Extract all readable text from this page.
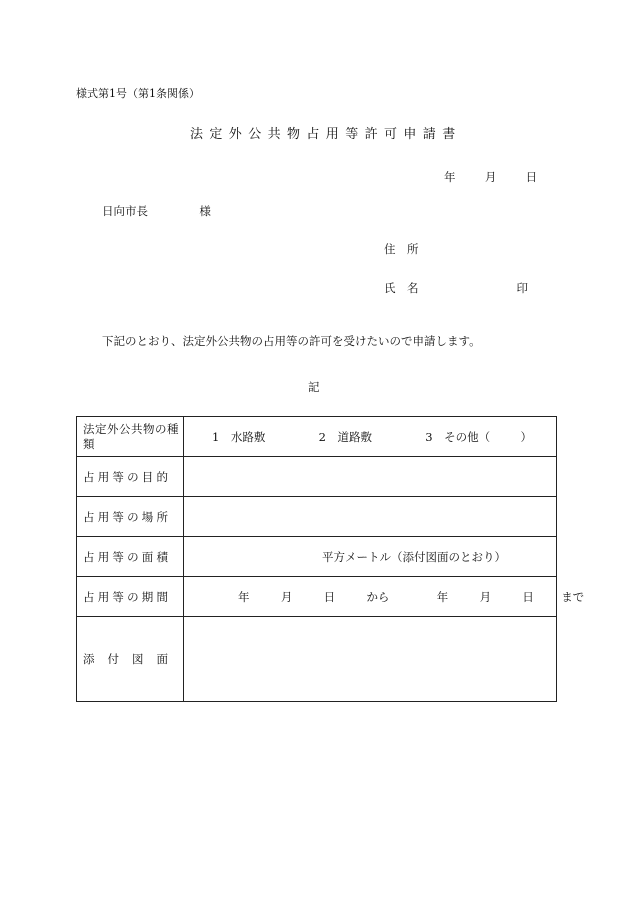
様式第1号（第1条関係）
法定外公共物占用等許可申請書
年	月	日
日向市長	様
住　所
氏　名	印
下記のとおり、法定外公共物の占用等の許可を受けたいので申請します。
記
法定外公共物の種類	1　水路敷 2　道路敷 3　その他（ ）

占用等の目的	
占用等の場所	
占用等の面積	平方メートル（添付図面のとおり）
占用等の期間	年 月 日 から 年 月 日 まで

添付図面	
